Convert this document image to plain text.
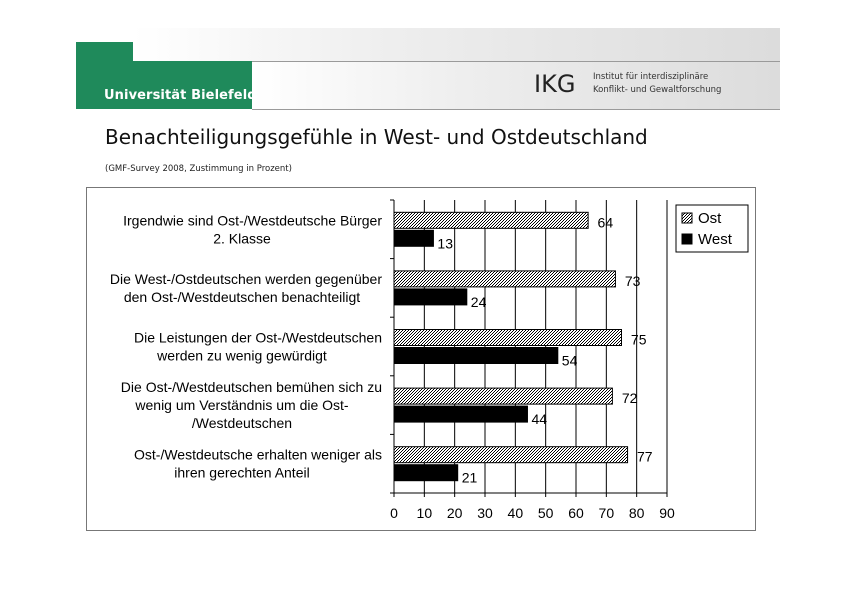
Universität Bielefeld	IKG Institut für interdisziplinäre
Konflikt- und Gewaltforschung
Benachteiligungsgefühle in West- und Ostdeutschland
(GMF-Survey 2008, Zustimmung in Prozent)
0 10 20 30 40 50 60 70 80 90
64
13
Irgendwie sind Ost-/Westdeutsche Bürger
2. Klasse
73
24
Die West-/Ostdeutschen werden gegenüber
den Ost-/Westdeutschen benachteiligt
75
54
Die Leistungen der Ost-/Westdeutschen
werden zu wenig gewürdigt
72
44
Die Ost-/Westdeutschen bemühen sich zu
wenig um Verständnis um die Ost-
/Westdeutschen
77
21
Ost-/Westdeutsche erhalten weniger als
ihren gerechten Anteil
Ost
West
